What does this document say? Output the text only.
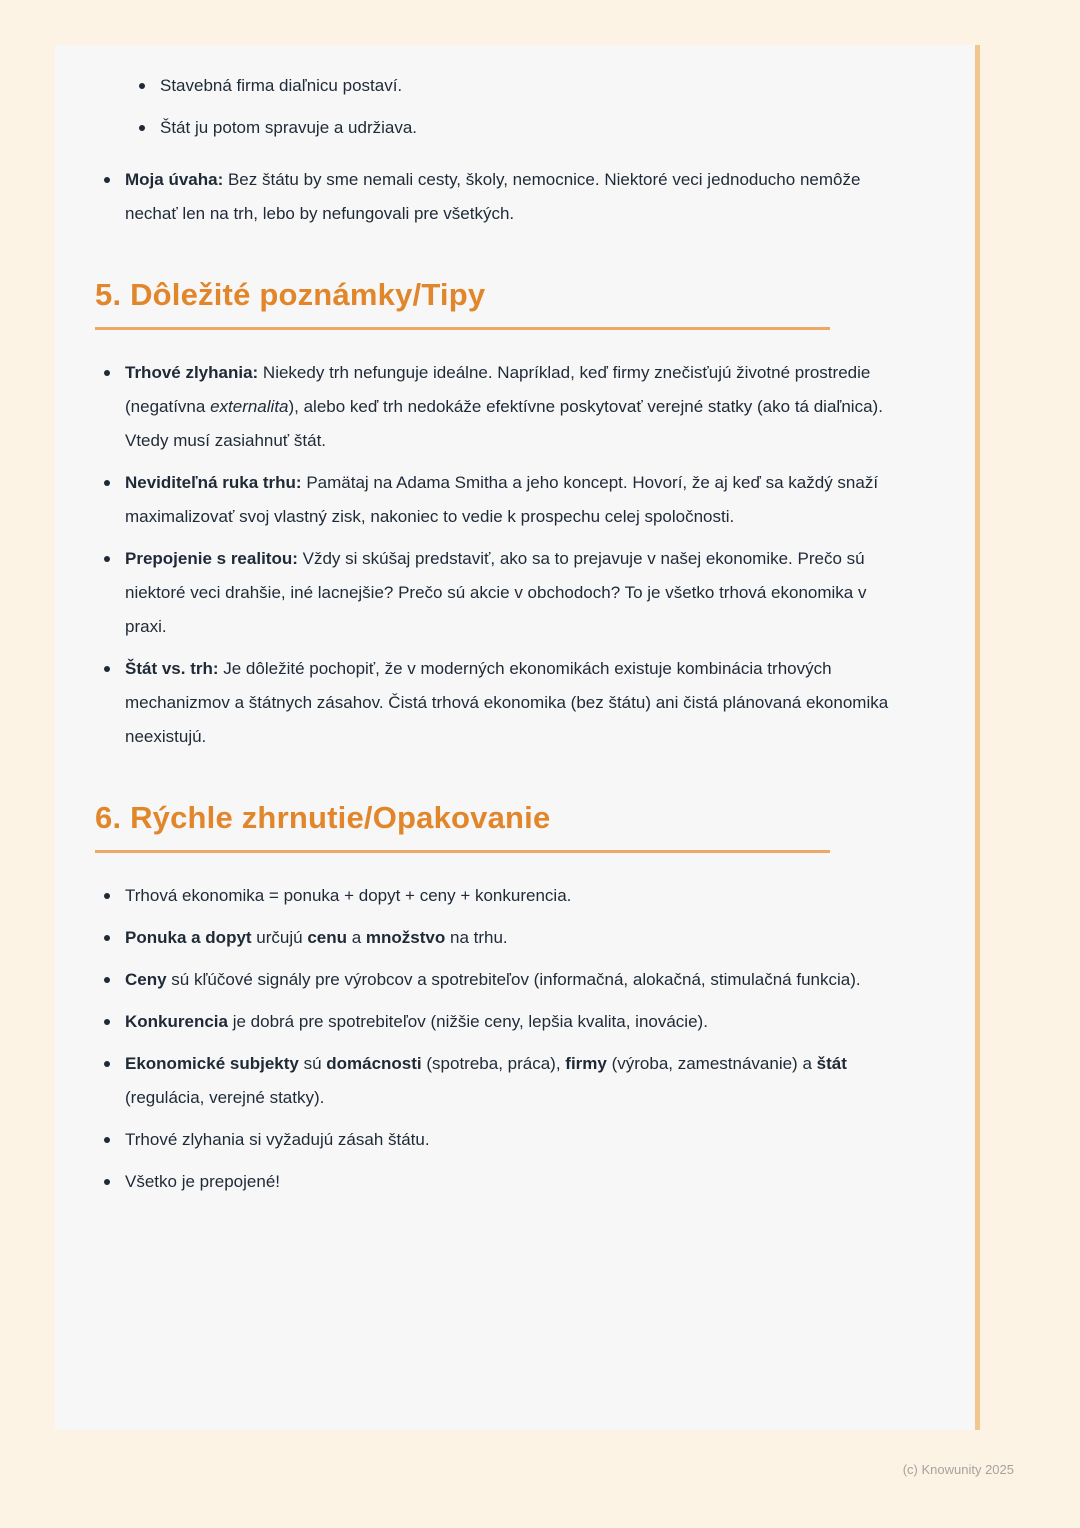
Stavebná firma diaľnicu postaví.
Štát ju potom spravuje a udržiava.
Moja úvaha: Bez štátu by sme nemali cesty, školy, nemocnice. Niektoré veci jednoducho nemôže nechať len na trh, lebo by nefungovali pre všetkých.
5. Dôležité poznámky/Tipy
Trhové zlyhania: Niekedy trh nefunguje ideálne. Napríklad, keď firmy znečisťujú životné prostredie (negatívna externalita), alebo keď trh nedokáže efektívne poskytovať verejné statky (ako tá diaľnica). Vtedy musí zasiahnuť štát.
Neviditeľná ruka trhu: Pamätaj na Adama Smitha a jeho koncept. Hovorí, že aj keď sa každý snaží maximalizovať svoj vlastný zisk, nakoniec to vedie k prospechu celej spoločnosti.
Prepojenie s realitou: Vždy si skúšaj predstaviť, ako sa to prejavuje v našej ekonomike. Prečo sú niektoré veci drahšie, iné lacnejšie? Prečo sú akcie v obchodoch? To je všetko trhová ekonomika v praxi.
Štát vs. trh: Je dôležité pochopiť, že v moderných ekonomikách existuje kombinácia trhových mechanizmov a štátnych zásahov. Čistá trhová ekonomika (bez štátu) ani čistá plánovaná ekonomika neexistujú.
6. Rýchle zhrnutie/Opakovanie
Trhová ekonomika = ponuka + dopyt + ceny + konkurencia.
Ponuka a dopyt určujú cenu a množstvo na trhu.
Ceny sú kľúčové signály pre výrobcov a spotrebiteľov (informačná, alokačná, stimulačná funkcia).
Konkurencia je dobrá pre spotrebiteľov (nižšie ceny, lepšia kvalita, inovácie).
Ekonomické subjekty sú domácnosti (spotreba, práca), firmy (výroba, zamestnávanie) a štát (regulácia, verejné statky).
Trhové zlyhania si vyžadujú zásah štátu.
Všetko je prepojené!
(c) Knowunity 2025
